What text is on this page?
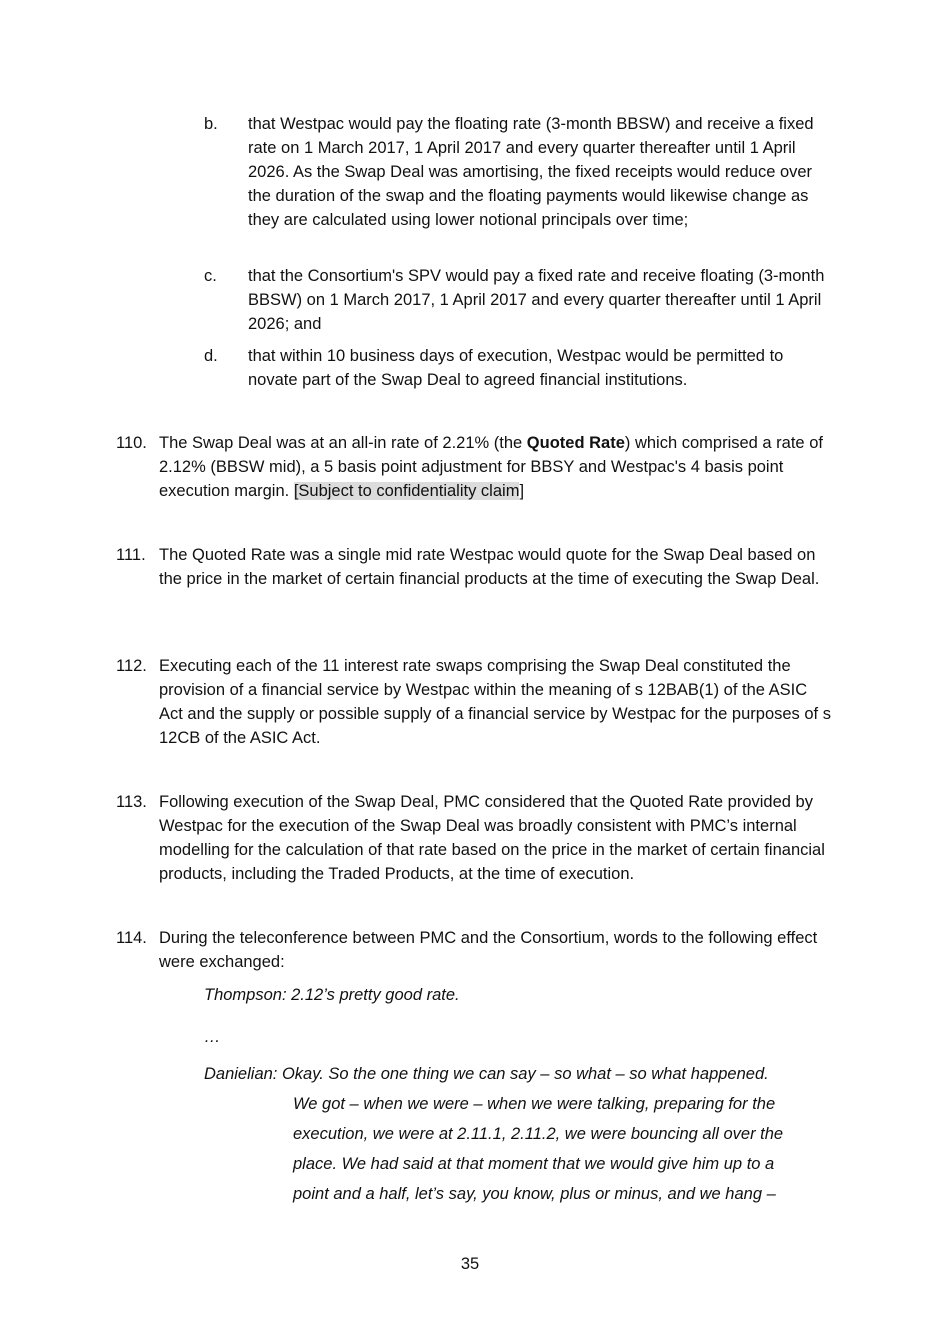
b. that Westpac would pay the floating rate (3-month BBSW) and receive a fixed rate on 1 March 2017, 1 April 2017 and every quarter thereafter until 1 April 2026. As the Swap Deal was amortising, the fixed receipts would reduce over the duration of the swap and the floating payments would likewise change as they are calculated using lower notional principals over time;
c. that the Consortium's SPV would pay a fixed rate and receive floating (3-month BBSW) on 1 March 2017, 1 April 2017 and every quarter thereafter until 1 April 2026; and
d. that within 10 business days of execution, Westpac would be permitted to novate part of the Swap Deal to agreed financial institutions.
110. The Swap Deal was at an all-in rate of 2.21% (the Quoted Rate) which comprised a rate of 2.12% (BBSW mid), a 5 basis point adjustment for BBSY and Westpac's 4 basis point execution margin. [Subject to confidentiality claim]
111. The Quoted Rate was a single mid rate Westpac would quote for the Swap Deal based on the price in the market of certain financial products at the time of executing the Swap Deal.
112. Executing each of the 11 interest rate swaps comprising the Swap Deal constituted the provision of a financial service by Westpac within the meaning of s 12BAB(1) of the ASIC Act and the supply or possible supply of a financial service by Westpac for the purposes of s 12CB of the ASIC Act.
113. Following execution of the Swap Deal, PMC considered that the Quoted Rate provided by Westpac for the execution of the Swap Deal was broadly consistent with PMC’s internal modelling for the calculation of that rate based on the price in the market of certain financial products, including the Traded Products, at the time of execution.
114. During the teleconference between PMC and the Consortium, words to the following effect were exchanged:
Thompson: 2.12’s pretty good rate.
…
Danielian: Okay. So the one thing we can say – so what – so what happened.
We got – when we were – when we were talking, preparing for the
execution, we were at 2.11.1, 2.11.2, we were bouncing all over the
place. We had said at that moment that we would give him up to a
point and a half, let’s say, you know, plus or minus, and we hang –
35
